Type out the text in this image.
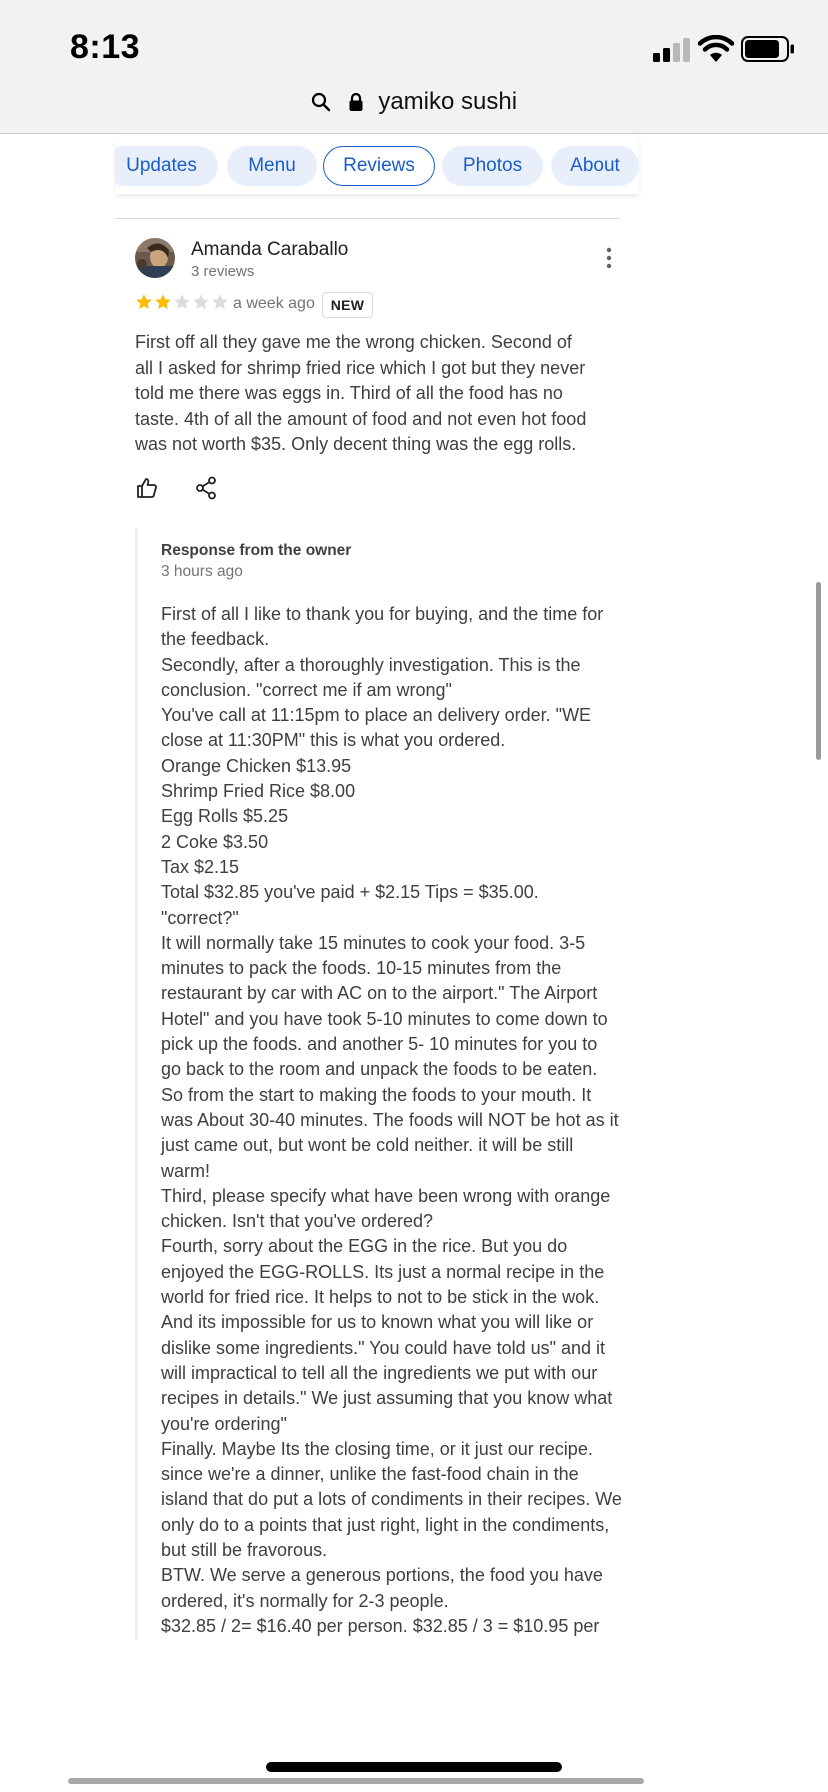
8:13
yamiko sushi
Updates	Menu	Reviews	Photos	About
Amanda Caraballo
3 reviews
a week ago	NEW
First off all they gave me the wrong chicken. Second of
all I asked for shrimp fried rice which I got but they never
told me there was eggs in. Third of all the food has no
taste. 4th of all the amount of food and not even hot food
was not worth $35. Only decent thing was the egg rolls.
Response from the owner
3 hours ago
First of all I like to thank you for buying, and the time for
the feedback.
Secondly, after a thoroughly investigation. This is the
conclusion. "correct me if am wrong"
You've call at 11:15pm to place an delivery order. "WE
close at 11:30PM" this is what you ordered.
Orange Chicken $13.95
Shrimp Fried Rice $8.00
Egg Rolls $5.25
2 Coke $3.50
Tax $2.15
Total $32.85 you've paid + $2.15 Tips = $35.00.
"correct?"
It will normally take 15 minutes to cook your food. 3-5
minutes to pack the foods. 10-15 minutes from the
restaurant by car with AC on to the airport." The Airport
Hotel" and you have took 5-10 minutes to come down to
pick up the foods. and another 5- 10 minutes for you to
go back to the room and unpack the foods to be eaten.
So from the start to making the foods to your mouth. It
was About 30-40 minutes. The foods will NOT be hot as it
just came out, but wont be cold neither. it will be still
warm!
Third, please specify what have been wrong with orange
chicken. Isn't that you've ordered?
Fourth, sorry about the EGG in the rice. But you do
enjoyed the EGG-ROLLS. Its just a normal recipe in the
world for fried rice. It helps to not to be stick in the wok.
And its impossible for us to known what you will like or
dislike some ingredients." You could have told us" and it
will impractical to tell all the ingredients we put with our
recipes in details." We just assuming that you know what
you're ordering"
Finally. Maybe Its the closing time, or it just our recipe.
since we're a dinner, unlike the fast-food chain in the
island that do put a lots of condiments in their recipes. We
only do to a points that just right, light in the condiments,
but still be fravorous.
BTW. We serve a generous portions, the food you have
ordered, it's normally for 2-3 people.
$32.85 / 2= $16.40 per person. $32.85 / 3 = $10.95 per
